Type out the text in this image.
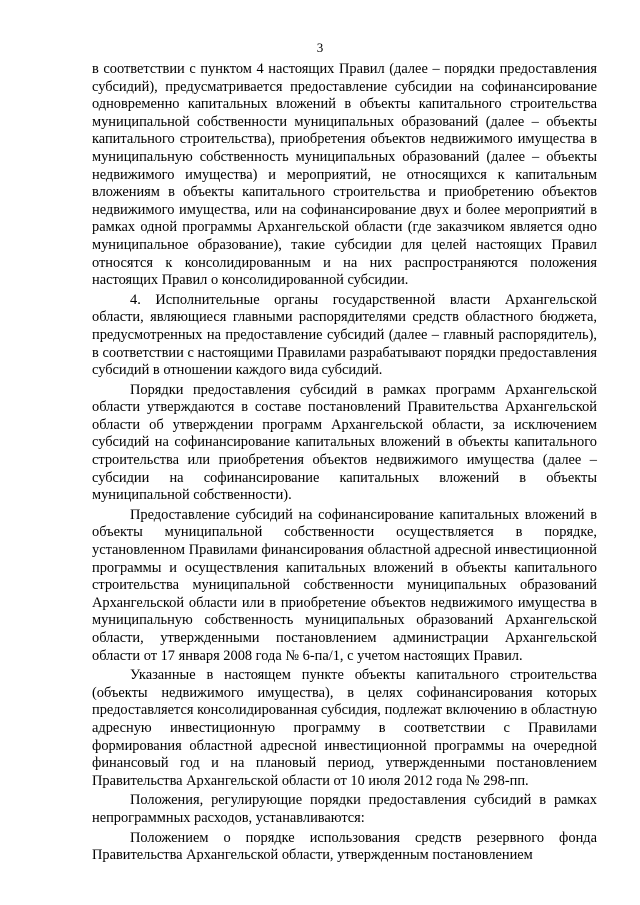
3

в соответствии с пунктом 4 настоящих Правил (далее – порядки предоставления субсидий), предусматривается предоставление субсидии на софинансирование одновременно капитальных вложений в объекты капитального строительства муниципальной собственности муниципальных образований (далее – объекты капитального строительства), приобретения объектов недвижимого имущества в муниципальную собственность муниципальных образований (далее – объекты недвижимого имущества) и мероприятий, не относящихся к капитальным вложениям в объекты капитального строительства и приобретению объектов недвижимого имущества, или на софинансирование двух и более мероприятий в рамках одной программы Архангельской области (где заказчиком является одно муниципальное образование), такие субсидии для целей настоящих Правил относятся к консолидированным и на них распространяются положения настоящих Правил о консолидированной субсидии.

4. Исполнительные органы государственной власти Архангельской области, являющиеся главными распорядителями средств областного бюджета, предусмотренных на предоставление субсидий (далее – главный распорядитель), в соответствии с настоящими Правилами разрабатывают порядки предоставления субсидий в отношении каждого вида субсидий.

Порядки предоставления субсидий в рамках программ Архангельской области утверждаются в составе постановлений Правительства Архангельской области об утверждении программ Архангельской области, за исключением субсидий на софинансирование капитальных вложений в объекты капитального строительства или приобретения объектов недвижимого имущества (далее – субсидии на софинансирование капитальных вложений в объекты муниципальной собственности).

Предоставление субсидий на софинансирование капитальных вложений в объекты муниципальной собственности осуществляется в порядке, установленном Правилами финансирования областной адресной инвестиционной программы и осуществления капитальных вложений в объекты капитального строительства муниципальной собственности муниципальных образований Архангельской области или в приобретение объектов недвижимого имущества в муниципальную собственность муниципальных образований Архангельской области, утвержденными постановлением администрации Архангельской области от 17 января 2008 года № 6-па/1, с учетом настоящих Правил.

Указанные в настоящем пункте объекты капитального строительства (объекты недвижимого имущества), в целях софинансирования которых предоставляется консолидированная субсидия, подлежат включению в областную адресную инвестиционную программу в соответствии с Правилами формирования областной адресной инвестиционной программы на очередной финансовый год и на плановый период, утвержденными постановлением Правительства Архангельской области от 10 июля 2012 года № 298-пп.

Положения, регулирующие порядки предоставления субсидий в рамках непрограммных расходов, устанавливаются:

Положением о порядке использования средств резервного фонда Правительства Архангельской области, утвержденным постановлением
